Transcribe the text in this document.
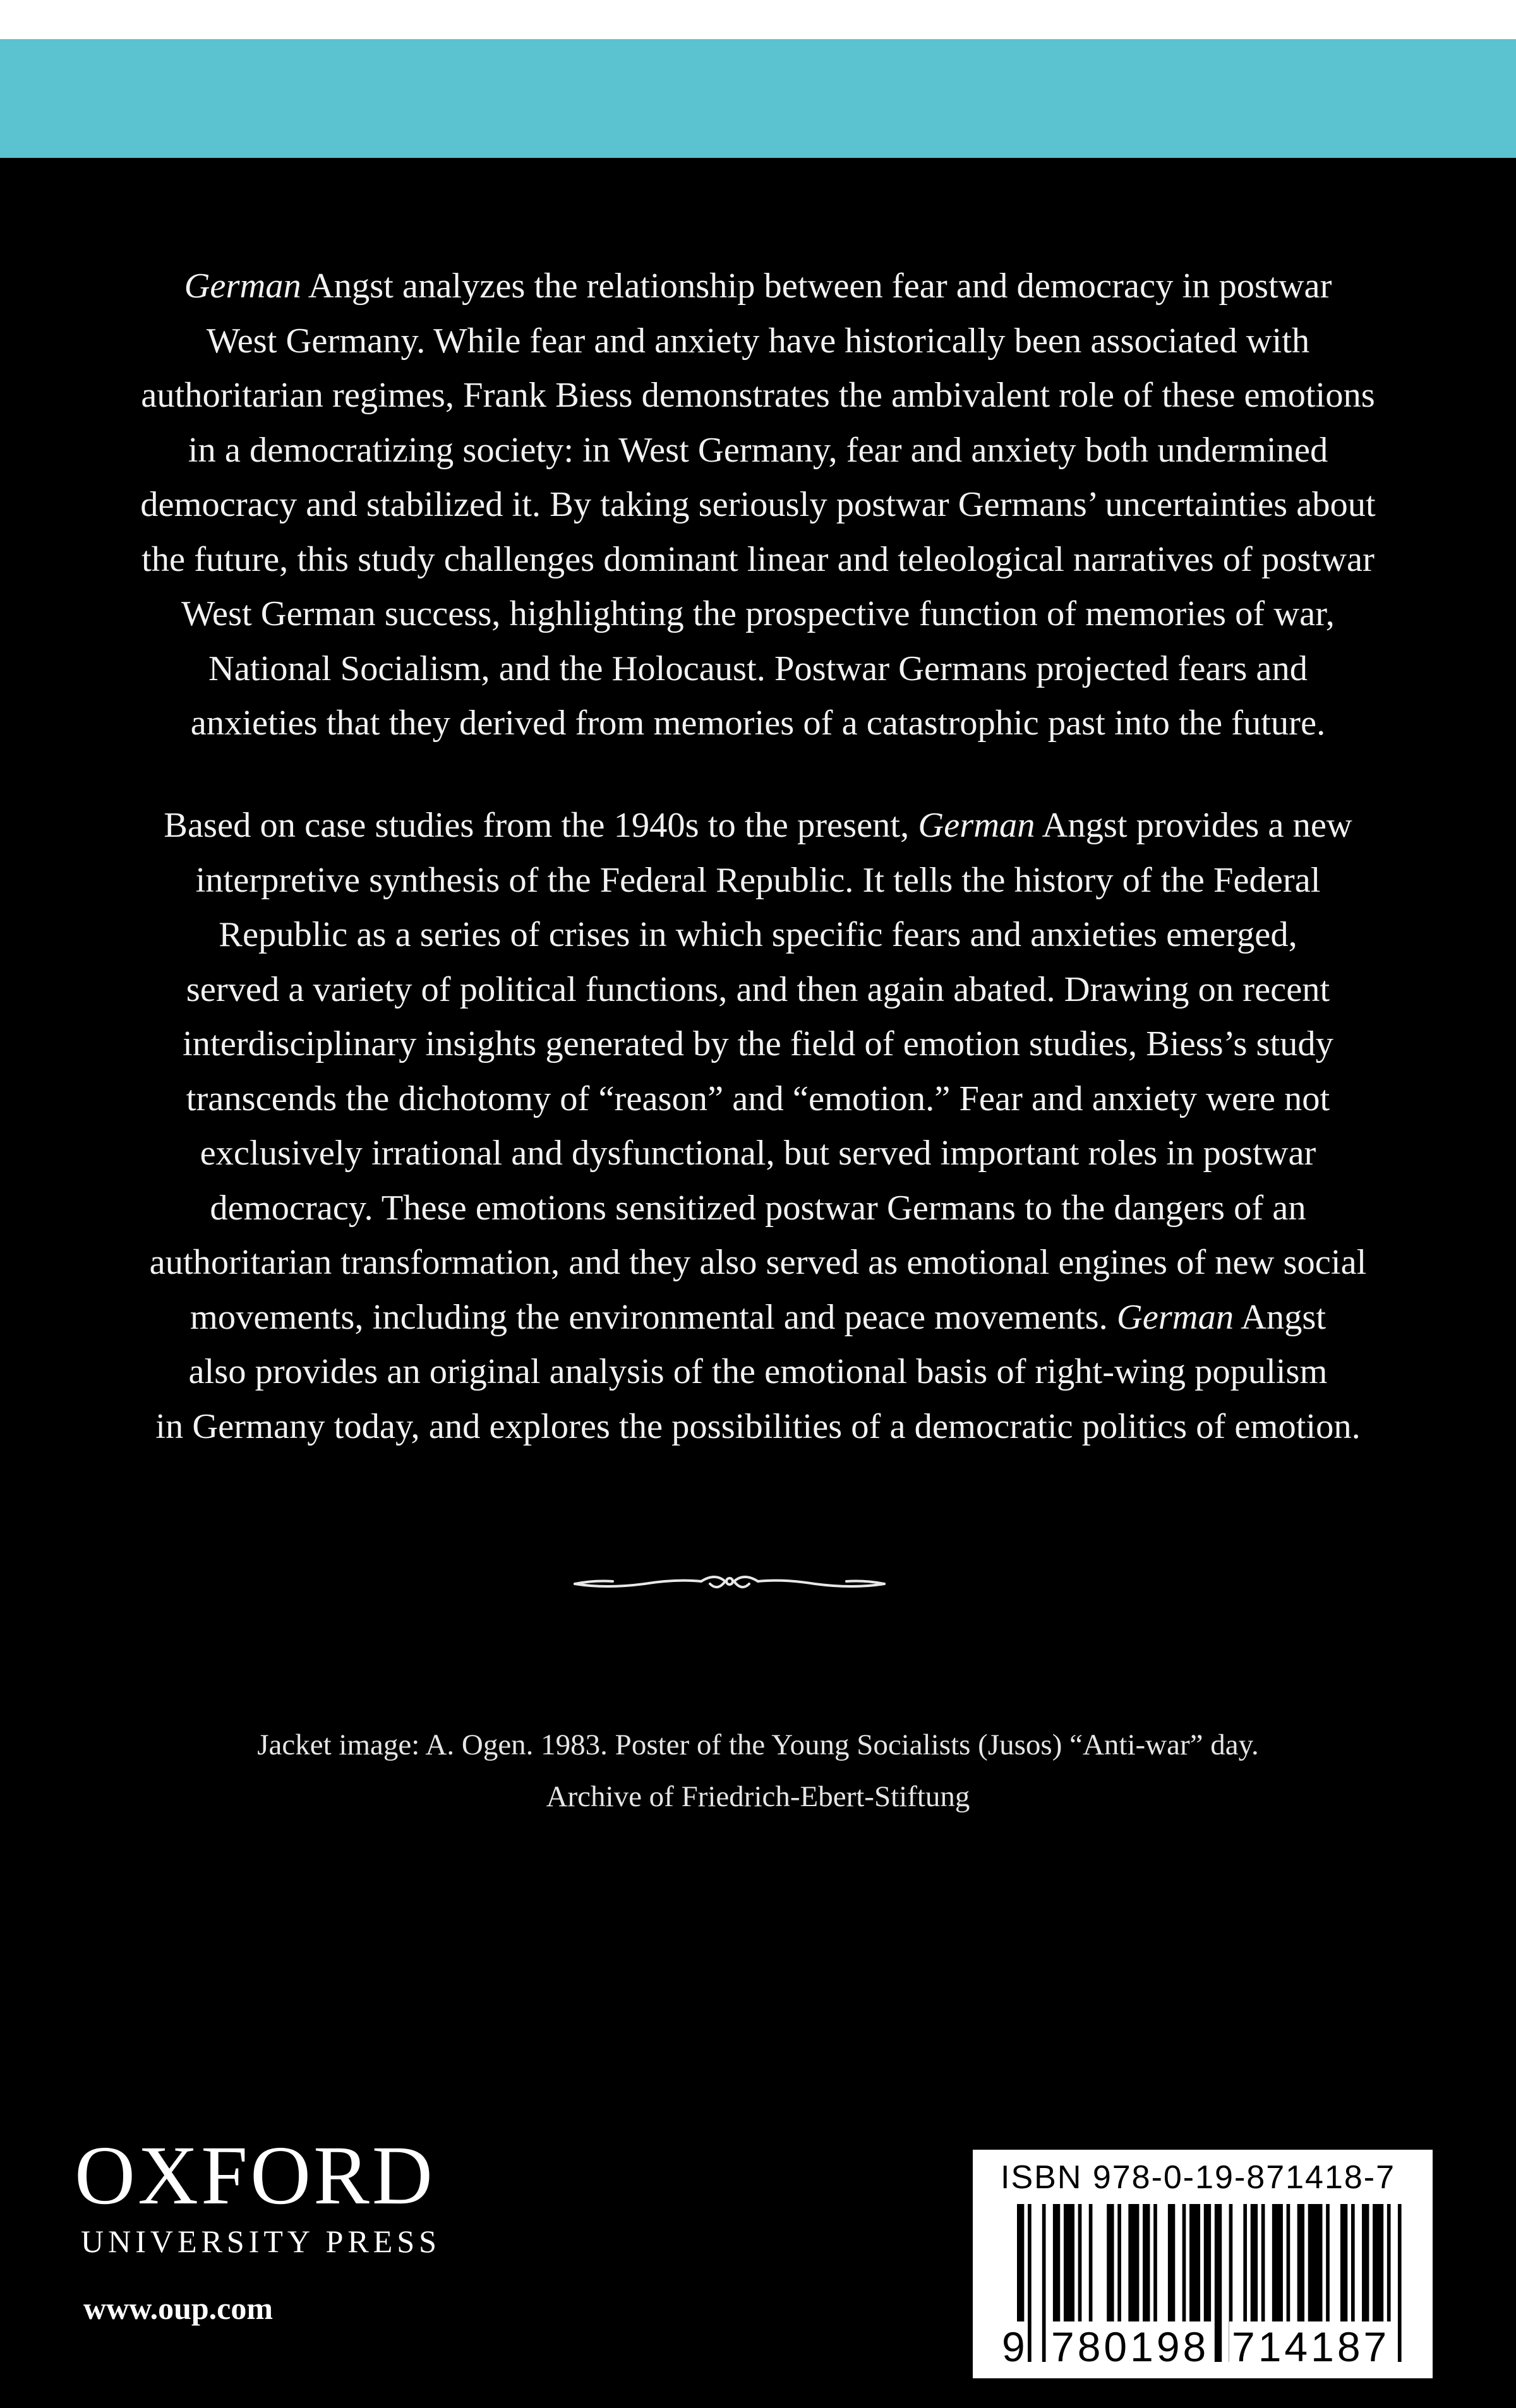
German Angst analyzes the relationship between fear and democracy in postwar
West Germany. While fear and anxiety have historically been associated with
authoritarian regimes, Frank Biess demonstrates the ambivalent role of these emotions
in a democratizing society: in West Germany, fear and anxiety both undermined
democracy and stabilized it. By taking seriously postwar Germans’ uncertainties about
the future, this study challenges dominant linear and teleological narratives of postwar
West German success, highlighting the prospective function of memories of war,
National Socialism, and the Holocaust. Postwar Germans projected fears and
anxieties that they derived from memories of a catastrophic past into the future.
Based on case studies from the 1940s to the present, German Angst provides a new
interpretive synthesis of the Federal Republic. It tells the history of the Federal
Republic as a series of crises in which specific fears and anxieties emerged,
served a variety of political functions, and then again abated. Drawing on recent
interdisciplinary insights generated by the field of emotion studies, Biess’s study
transcends the dichotomy of “reason” and “emotion.” Fear and anxiety were not
exclusively irrational and dysfunctional, but served important roles in postwar
democracy. These emotions sensitized postwar Germans to the dangers of an
authoritarian transformation, and they also served as emotional engines of new social
movements, including the environmental and peace movements. German Angst
also provides an original analysis of the emotional basis of right-wing populism
in Germany today, and explores the possibilities of a democratic politics of emotion.
Jacket image: A. Ogen. 1983. Poster of the Young Socialists (Jusos) “Anti-war” day.
Archive of Friedrich-Ebert-Stiftung
OXFORD
UNIVERSITY PRESS
www.oup.com
ISBN 978-0-19-871418-7
9 780198 714187
